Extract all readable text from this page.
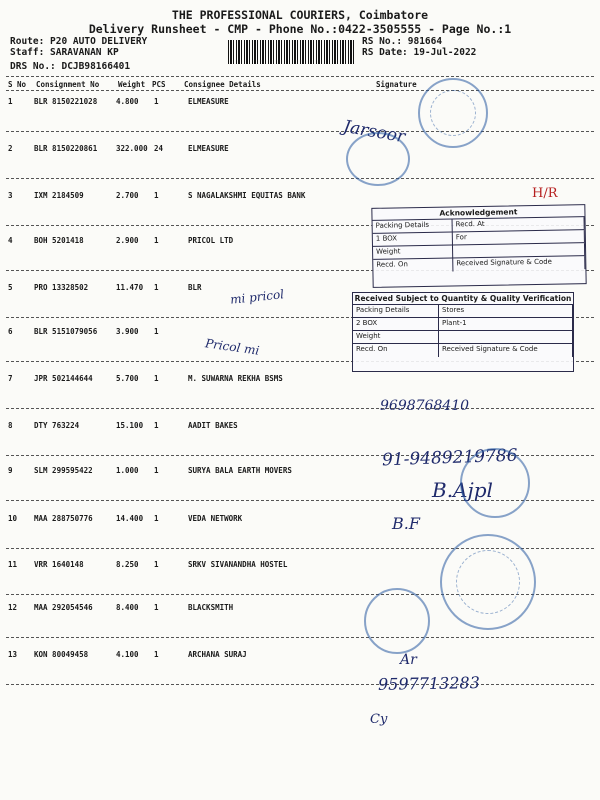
THE PROFESSIONAL COURIERS, Coimbatore
Delivery Runsheet - CMP - Phone No.:0422-3505555 - Page No.:1
Route: P20 AUTO DELIVERY
Staff: SARAVANAN KP
DRS No.: DCJB98166401
RS No.: 981664
RS Date: 19-Jul-2022
S No Consignment No	Weight PCS Consignee Details	Signature
1	BLR 8150221028	4.800 1	ELMEASURE
2	BLR 8150220861	322.000 24	ELMEASURE
3	IXM 2184509	2.700 1	S NAGALAKSHMI EQUITAS BANK
4	BOH 5201418	2.900 1	PRICOL LTD
5	PRO 13328502	11.470 1	BLR
6	BLR 5151079056	3.900 1
7	JPR 502144644	5.700 1	M. SUWARNA REKHA BSMS
8	DTY 763224	15.100 1	AADIT BAKES
9	SLM 299595422	1.000 1	SURYA BALA EARTH MOVERS
10 MAA 288750776	14.400 1	VEDA NETWORK
11 VRR 1640148	8.250 1	SRKV SIVANANDHA HOSTEL
12 MAA 292054546	8.400 1	BLACKSMITH
13 KON 80049458	4.100 1	ARCHANA SURAJ
Jarsoor
H/R
mi pricol
Pricol mi
9698768410
91-9489219786
B.Ajpl
B.F
9597713283
Ar
Cy
Acknowledgement
Packing Details	Recd. At
1 BOX	For
Weight
Recd. On	Received Signature & Code
Received Subject to Quantity & Quality Verification
Packing Details	Stores
2 BOX	Plant-1
Weight
Recd. On	Received Signature & Code
